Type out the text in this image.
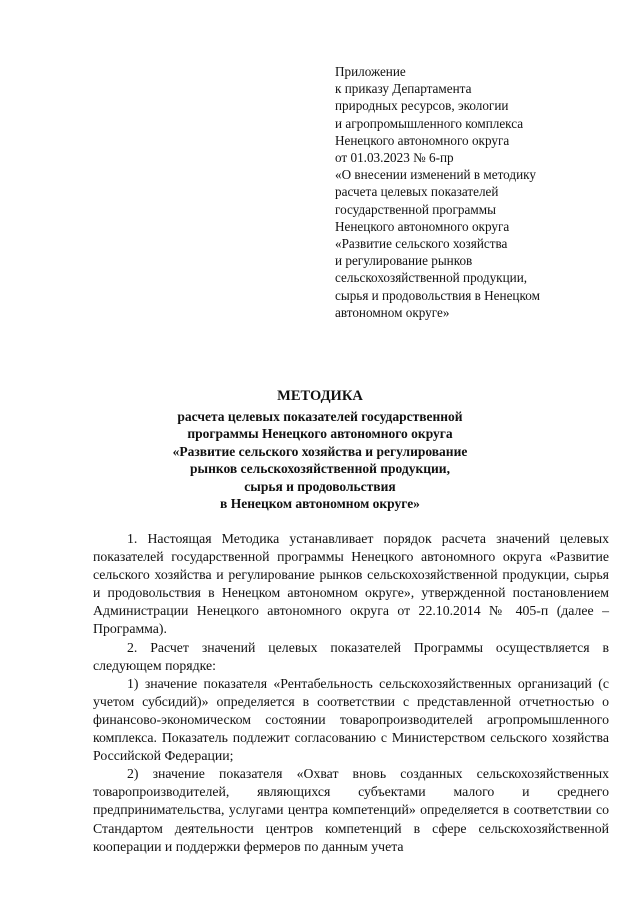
Приложение
к приказу Департамента
природных ресурсов, экологии
и агропромышленного комплекса
Ненецкого автономного округа
от 01.03.2023 № 6-пр
«О внесении изменений в методику
расчета целевых показателей
государственной программы
Ненецкого автономного округа
«Развитие сельского хозяйства
и регулирование рынков
сельскохозяйственной продукции,
сырья и продовольствия в Ненецком
автономном округе»
МЕТОДИКА
расчета целевых показателей государственной
программы Ненецкого автономного округа
«Развитие сельского хозяйства и регулирование
рынков сельскохозяйственной продукции,
сырья и продовольствия
в Ненецком автономном округе»

1. Настоящая Методика устанавливает порядок расчета значений целевых показателей государственной программы Ненецкого автономного округа «Развитие сельского хозяйства и регулирование рынков сельскохозяйственной продукции, сырья и продовольствия в Ненецком автономном округе», утвержденной постановлением Администрации Ненецкого автономного округа от 22.10.2014 № 405-п (далее – Программа).

2. Расчет значений целевых показателей Программы осуществляется в следующем порядке:

1) значение показателя «Рентабельность сельскохозяйственных организаций (с учетом субсидий)» определяется в соответствии с представленной отчетностью о финансово-экономическом состоянии товаропроизводителей агропромышленного комплекса. Показатель подлежит согласованию с Министерством сельского хозяйства Российской Федерации;

2) значение показателя «Охват вновь созданных сельскохозяйственных товаропроизводителей, являющихся субъектами малого и среднего предпринимательства, услугами центра компетенций» определяется в соответствии со Стандартом деятельности центров компетенций в сфере сельскохозяйственной кооперации и поддержки фермеров по данным учета
